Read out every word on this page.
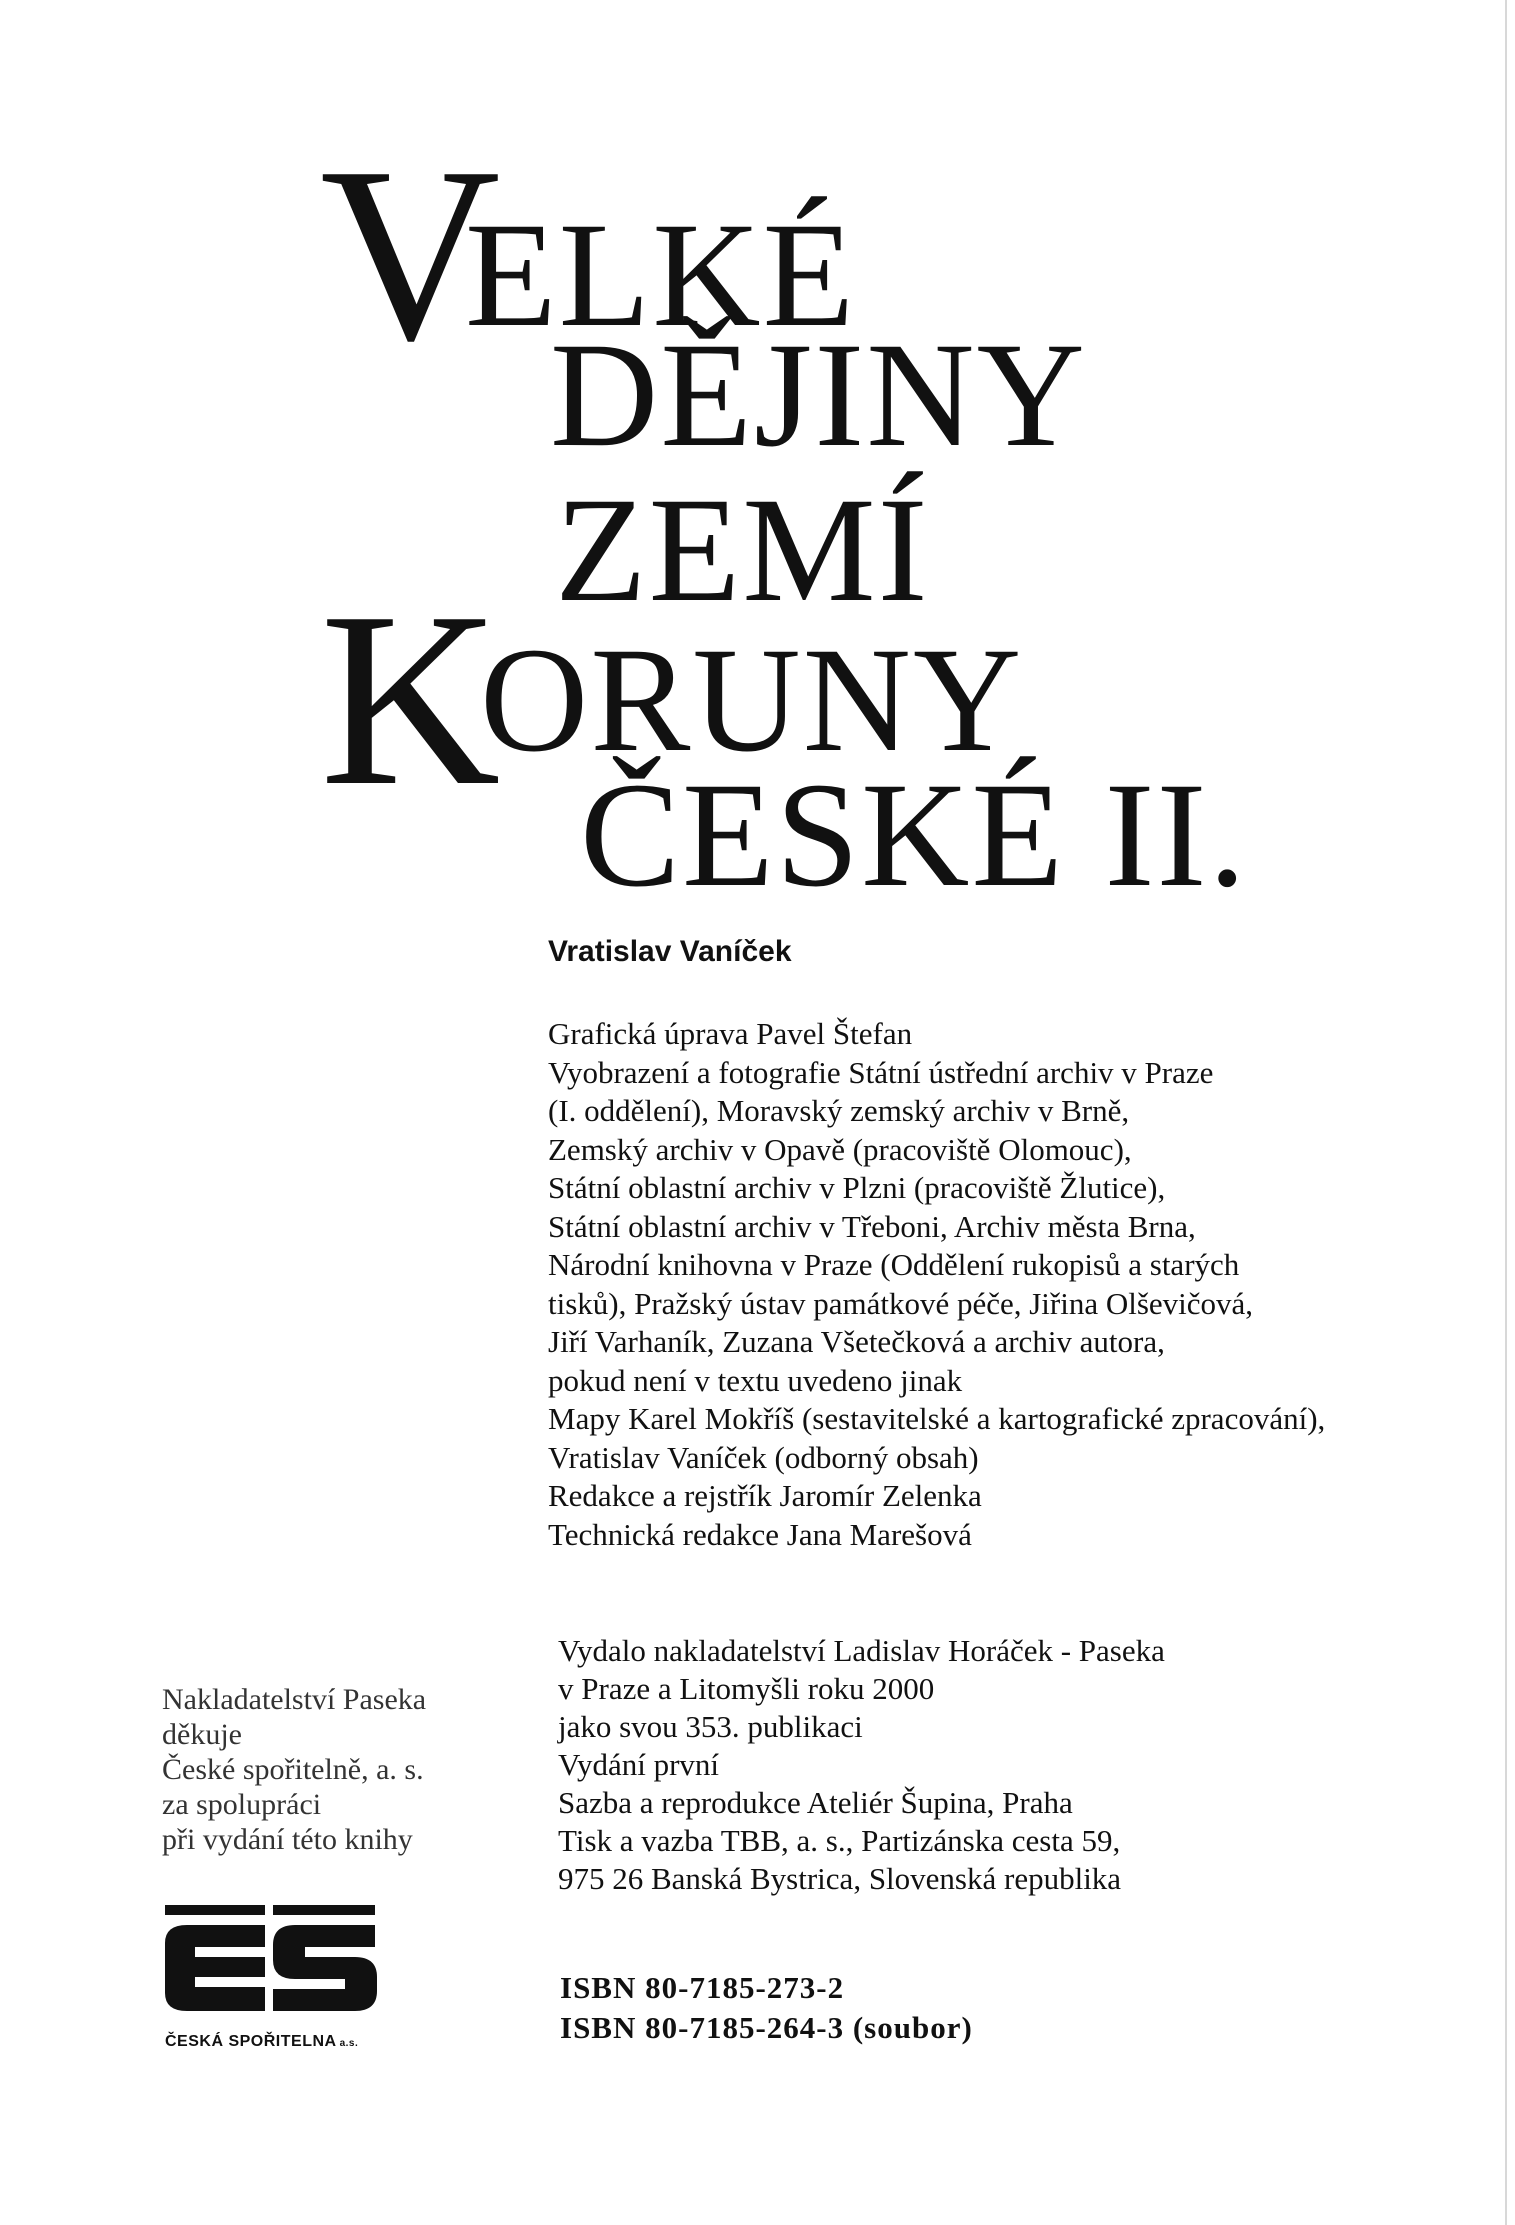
V
ELKÉ
DĚJINY
ZEMÍ
K
ORUNY
ČESKÉ II.
Vratislav Vaníček
Grafická úprava Pavel Štefan
Vyobrazení a fotografie Státní ústřední archiv v Praze
(I. oddělení), Moravský zemský archiv v Brně,
Zemský archiv v Opavě (pracoviště Olomouc),
Státní oblastní archiv v Plzni (pracoviště Žlutice),
Státní oblastní archiv v Třeboni, Archiv města Brna,
Národní knihovna v Praze (Oddělení rukopisů a starých
tisků), Pražský ústav památkové péče, Jiřina Olševičová,
Jiří Varhaník, Zuzana Všetečková a archiv autora,
pokud není v textu uvedeno jinak
Mapy Karel Mokříš (sestavitelské a kartografické zpracování),
Vratislav Vaníček (odborný obsah)
Redakce a rejstřík Jaromír Zelenka
Technická redakce Jana Marešová
Vydalo nakladatelství Ladislav Horáček - Paseka
v Praze a Litomyšli roku 2000
jako svou 353. publikaci
Vydání první
Sazba a reprodukce Ateliér Šupina, Praha
Tisk a vazba TBB, a. s., Partizánska cesta 59,
975 26 Banská Bystrica, Slovenská republika
ISBN 80-7185-273-2
ISBN 80-7185-264-3 (soubor)
Nakladatelství Paseka
děkuje
České spořitelně, a. s.
za spolupráci
při vydání této knihy
ČESKÁ SPOŘITELNA a.s.
